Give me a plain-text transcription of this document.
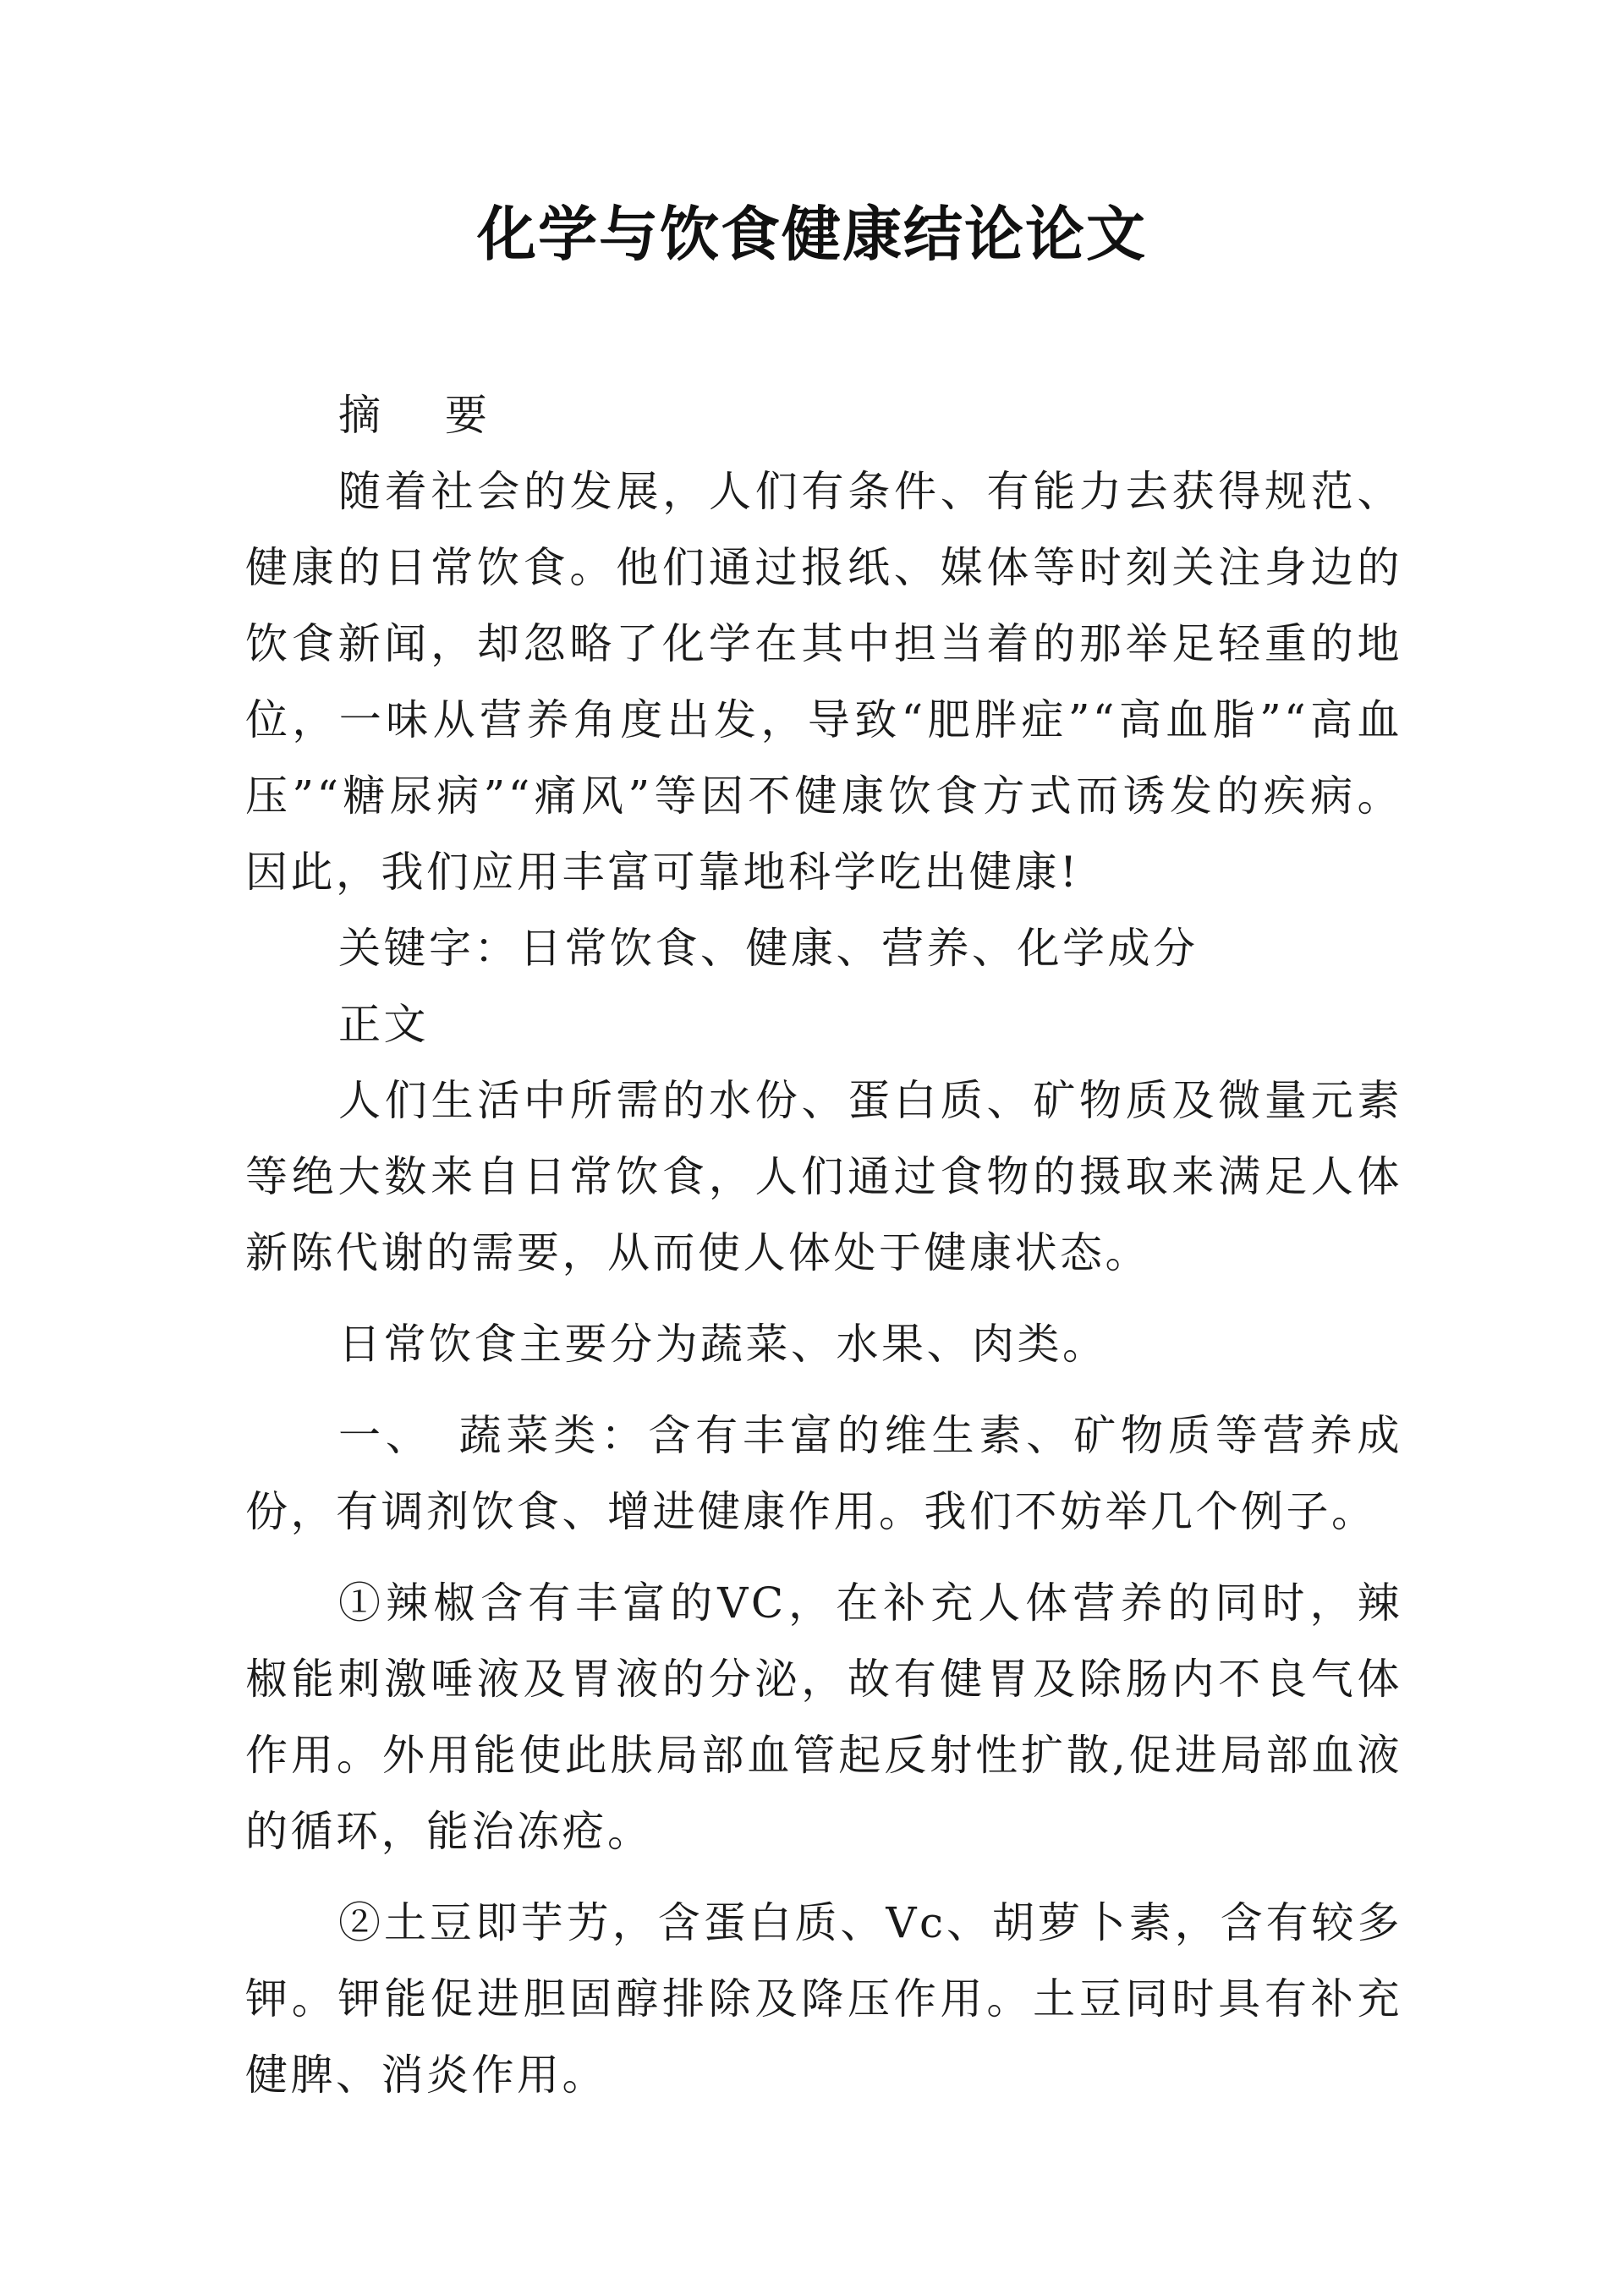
化学与饮食健康结论论文

摘 要

随着社会的发展，人们有条件、有能力去获得规范、健康的日常饮食。他们通过报纸、媒体等时刻关注身边的饮食新闻，却忽略了化学在其中担当着的那举足轻重的地位，一味从营养角度出发，导致“肥胖症”“高血脂”“高血压”“糖尿病”“痛风”等因不健康饮食方式而诱发的疾病。因此，我们应用丰富可靠地科学吃出健康!

关键字：日常饮食、健康、营养、化学成分

正文

人们生活中所需的水份、蛋白质、矿物质及微量元素等绝大数来自日常饮食，人们通过食物的摄取来满足人体新陈代谢的需要，从而使人体处于健康状态。

日常饮食主要分为蔬菜、水果、肉类。

一、　蔬菜类：含有丰富的维生素、矿物质等营养成份，有调剂饮食、增进健康作用。我们不妨举几个例子。

①辣椒含有丰富的VC，在补充人体营养的同时，辣椒能刺激唾液及胃液的分泌，故有健胃及除肠内不良气体作用。外用能使此肤局部血管起反射性扩散,促进局部血液的循环，能治冻疮。

②土豆即芋艻，含蛋白质、Vc、胡萝卜素，含有较多钾。钾能促进胆固醇排除及降压作用。土豆同时具有补充健脾、消炎作用。
